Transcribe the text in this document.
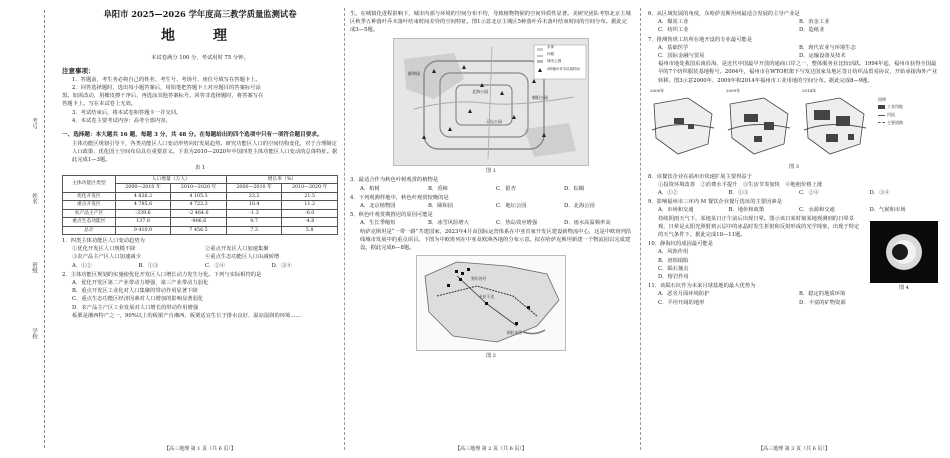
考号
姓名
班级
学校
阜阳市 2025—2026 学年度高三教学质量监测试卷
地　理

本试卷满分 100 分，考试用时 75 分钟。

注意事项：

1．答题前，考生务必将自己的姓名、考生号、考场号、座位号填写在答题卡上。

2．回答选择题时，选出每小题答案后，用铅笔把答题卡上对应题目的答案标号涂

黑。如需改动，用橡皮擦干净后，再选涂其他答案标号。回答非选择题时，将答案写在

答题卡上。写在本试卷上无效。

3．考试结束后，将本试卷和答题卡一并交回。

4．本试卷主要考试内容：高考全部内容。

一、选择题：本大题共 16 题，每题 3 分，共 48 分。在每题给出的四个选项中只有一项符合题目要求。

主体功能区规划引导下，各类功能区人口变动形势向好发展趋势。研究功能区人口的空间结构变化，对于合理制定人口政策、优化国土空间布局具有重要意义。下表为2010—2020年中国四类主体功能区人口变动的总体特征。据此完成1—3题。

表 1

主体功能区类型	人口增量（万人）		增长率（%）	
	2000—2010 年	2010—2020 年	2000—2010 年	2010—2020 年
优化开发区	4 826.2	4 105.3	23.2	21.5
重点开发区	4 785.6	4 722.3	10.4	11.2
农产品主产区	-339.6	-2 464.6	-1.3	-6.0
重点生态功能区	137.8	-906.6	0.7	-4.8
总计	9 410.0	7 456.5	7.3	5.8

1．四类主体功能区人口变动趋势为

①优化开发区人口规模不降	②重点开发区人口加速集聚
③农产品主产区人口加速减少	④重点生态功能区人口由减转增
A．①②	B．①③	C．②④	D．③④

2．主体功能区规划的实施使优化开发区人口增长动力发生分化。下列与实际相符的是

A．优化开发区第二产业带动力增强，第三产业带动力弱化

B．重点开发区工业化对人口集聚的带动作用显著下降

C．重点生态功能区经济因素对人口增加的影响显著弱化

D．农产品主产区工业发展对人口增长的带动作用增强

板栗是湘西特产之一，90%以上的板栗产自湘西，板栗适宜生长于排水良好、温凉湿润的环境……

【高三地理 第 1 页（共 6 页）】

生。在城镇化进程影响下，城市内部与环境的空间分布不均，导致植物物候的空间异质性显著。美研究团队考察北京主城区秋季五种落叶乔木落叶结束时间差异的空间特征。图1示意北京主城区5种落叶乔木落叶结束时间的空间分布。据此完成3—5题。

水体
环路
城市公园
5种落叶乔木结束时间
颐和园
北海公园
天坛公园
朝阳公园

图 1

3．最适合作为秋色叶树观赏的植物是

A．柏树	B．香樟	C．银杏	D．棕榈

4．下列观测样地中，秋色叶观赏较晚的是

A．北京植物园	B．颐和园	C．地坛公园	D．北海公园

5．秋色叶观赏期推迟的原因可能是

A．生长季缩短	B．冰雪风险增大	C．热岛效应增强	D．雨水高温频率高

哈萨克斯坦是“一带一路”共建国家，2023年4月由国际运营体系在中亚首家开发区建设新物流中心，这是中欧班列沿线城市发展中的重点项目。下图为中欧班列在中亚及欧洲各地的分布示意。拟在哈萨克斯坦新建一个物流园以完成建设。据此完成6—8题。

阿拉木图
卡拉干达
努尔苏丹

图 2

【高三地理 第 2 页（共 6 页）】

6．从区域发展的角度，东哈萨克斯坦州最适合发展的主导产业是

A．煤炭工业	B．冶金工业
C．纺织工业	D．造纸业

7．推测鲁班工坊所在地开设的专业最可能是

A．基础医学	B．现代农业与环境生态
C．国际金融与贸易	D．运输设备及技术

福州市地处我国东南沿海，是近代中国最早开放的通商口岸之一，整体服务业比较活跃。1994年起，福州市获得全国最早的7个纺织服装基地称号。2004年，福州市在WTO框架下与发达国家及地区签订纺织品贸易协议，开始承接海外产业转移。图3示意2000年、2009年和2014年福州市工业用地的空间分布。据此完成8—9题。

2000年	2009年	2014年
图例
工业用地
河流
主要道路

图 3

8．该餐饮企业在福州市快速扩展主要得益于

①投资环境改善　②消费水平提升　③生活节奏加快　④地租价格上涨

A．①②	B．①③	C．②④	D．③④

9．影响福州市三环内 M 餐饮企业餐厅选址的主要因素是

A．市场和交通	B．地价和政策	C．水源和交通	D．气候和市场

持续阴雨天气下，某地某日正午前后出现日晕。图示该日某时刻某地观测到的日晕景观，日晕是太阳光照射到云层中的冰晶时发生折射和反射形成的光学现象，出现于特定的天气条件下。据此完成10—11题。

图 4

10．静海坑的成因最可能是

A．风蚀作用

B．溶蚀塌陷

C．陨石撞击

D．熔岩作用

11．该陨石坑作为未来月球基地的最大优势为

A．恶劣月面环境防护	B．稳定的地质环境
C．平坦开阔的地形	D．丰富的矿物资源
【高三地理 第 3 页（共 6 页）】
